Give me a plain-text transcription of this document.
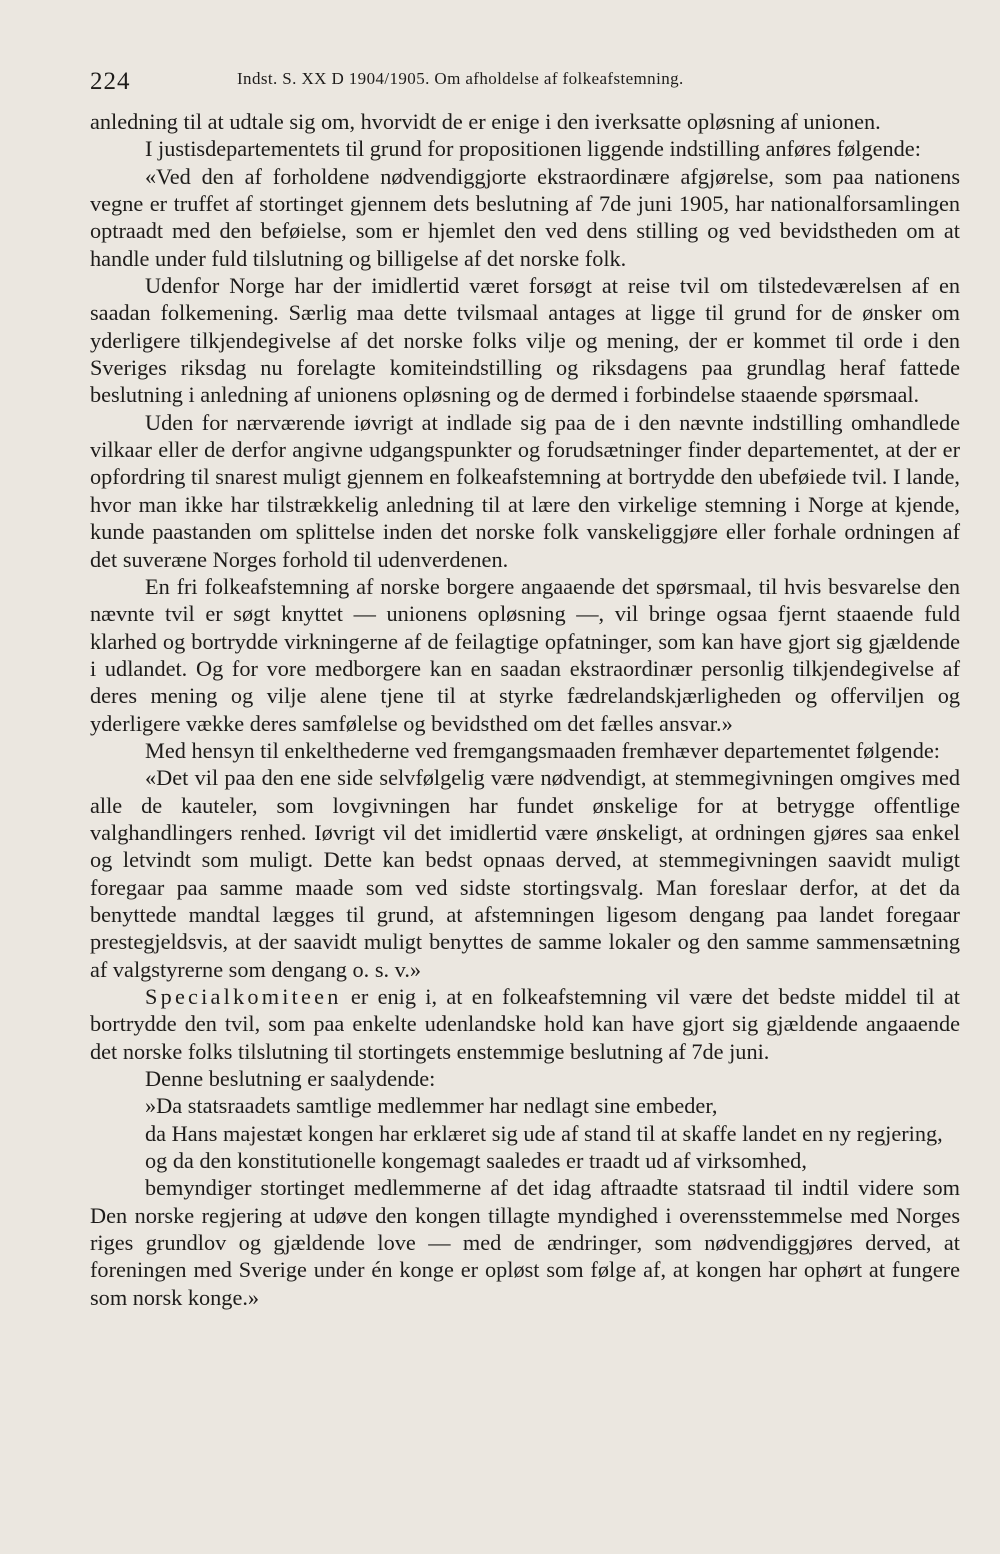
224	Indst. S. XX D 1904/1905. Om afholdelse af folkeafstemning.

anledning til at udtale sig om, hvorvidt de er enige i den iverksatte opløsning af unionen.

I justisdepartementets til grund for propositionen liggende indstilling anføres følgende:

«Ved den af forholdene nødvendiggjorte ekstraordinære afgjørelse, som paa nationens vegne er truffet af stortinget gjennem dets beslutning af 7de juni 1905, har nationalforsamlingen optraadt med den beføielse, som er hjemlet den ved dens stilling og ved bevidstheden om at handle under fuld tilslutning og billigelse af det norske folk.

Udenfor Norge har der imidlertid været forsøgt at reise tvil om tilstedeværelsen af en saadan folkemening. Særlig maa dette tvilsmaal antages at ligge til grund for de ønsker om yderligere tilkjendegivelse af det norske folks vilje og mening, der er kommet til orde i den Sveriges riksdag nu forelagte komiteindstilling og riksdagens paa grundlag heraf fattede beslutning i anledning af unionens opløsning og de dermed i forbindelse staaende spørsmaal.

Uden for nærværende iøvrigt at indlade sig paa de i den nævnte indstilling omhandlede vilkaar eller de derfor angivne udgangspunkter og forudsætninger finder departementet, at der er opfordring til snarest muligt gjennem en folkeafstemning at bortrydde den ubeføiede tvil. I lande, hvor man ikke har tilstrækkelig anledning til at lære den virkelige stemning i Norge at kjende, kunde paastanden om splittelse inden det norske folk vanskeliggjøre eller forhale ordningen af det suveræne Norges forhold til udenverdenen.

En fri folkeafstemning af norske borgere angaaende det spørsmaal, til hvis besvarelse den nævnte tvil er søgt knyttet — unionens opløsning —, vil bringe ogsaa fjernt staaende fuld klarhed og bortrydde virkningerne af de feilagtige opfatninger, som kan have gjort sig gjældende i udlandet. Og for vore medborgere kan en saadan ekstraordinær personlig tilkjendegivelse af deres mening og vilje alene tjene til at styrke fædrelandskjærligheden og offerviljen og yderligere vække deres samfølelse og bevidsthed om det fælles ansvar.»

Med hensyn til enkelthederne ved fremgangsmaaden fremhæver departementet følgende:

«Det vil paa den ene side selvfølgelig være nødvendigt, at stemmegivningen omgives med alle de kauteler, som lovgivningen har fundet ønskelige for at betrygge offentlige valghandlingers renhed. Iøvrigt vil det imidlertid være ønskeligt, at ordningen gjøres saa enkel og letvindt som muligt. Dette kan bedst opnaas derved, at stemmegivningen saavidt muligt foregaar paa samme maade som ved sidste stortingsvalg. Man foreslaar derfor, at det da benyttede mandtal lægges til grund, at afstemningen ligesom dengang paa landet foregaar prestegjeldsvis, at der saavidt muligt benyttes de samme lokaler og den samme sammensætning af valgstyrerne som dengang o. s. v.»

Specialkomiteen er enig i, at en folkeafstemning vil være det bedste middel til at bortrydde den tvil, som paa enkelte udenlandske hold kan have gjort sig gjældende angaaende det norske folks tilslutning til stortingets enstemmige beslutning af 7de juni.

Denne beslutning er saalydende:

»Da statsraadets samtlige medlemmer har nedlagt sine embeder,

da Hans majestæt kongen har erklæret sig ude af stand til at skaffe landet en ny regjering,

og da den konstitutionelle kongemagt saaledes er traadt ud af virksomhed,

bemyndiger stortinget medlemmerne af det idag aftraadte statsraad til indtil videre som Den norske regjering at udøve den kongen tillagte myndighed i overensstemmelse med Norges riges grundlov og gjældende love — med de ændringer, som nødvendiggjøres derved, at foreningen med Sverige under én konge er opløst som følge af, at kongen har ophørt at fungere som norsk konge.»
